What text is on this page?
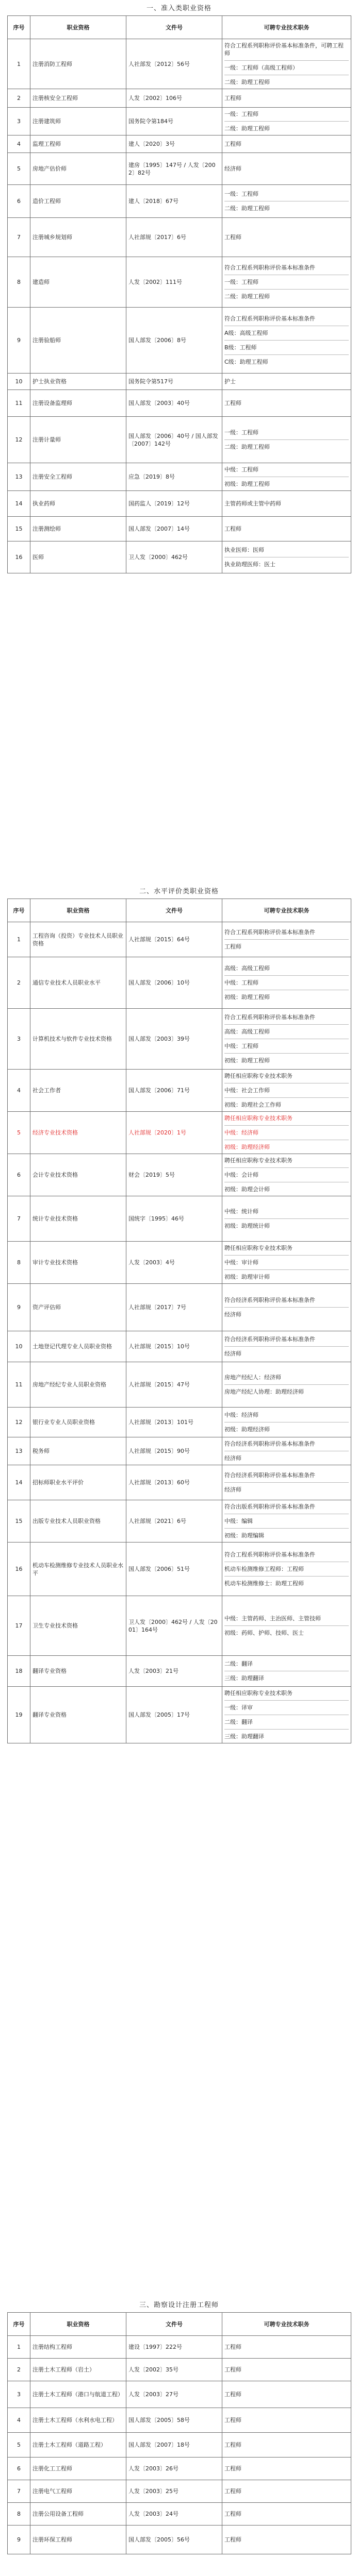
一、准入类职业资格
序号	职业资格	文件号	可聘专业技术职务
1	注册消防工程师	人社部发〔2012〕56号	符合工程系列职称评价基本标准条件，可聘工程师
一级：工程师（高级工程师）
二级：助理工程师

2	注册核安全工程师	人发〔2002〕106号	工程师

3	注册建筑师	国务院令第184号	一级：工程师
二级：助理工程师

4	监理工程师	建人〔2020〕3号	工程师

5	房地产估价师	建房〔1995〕147号 / 人发〔2002〕82号	经济师

6	造价工程师	建人〔2018〕67号	一级：工程师
二级：助理工程师

7	注册城乡规划师	人社部规〔2017〕6号	工程师

8	建造师	人发〔2002〕111号	符合工程系列职称评价基本标准条件
一级：工程师
二级：助理工程师

9	注册验船师	国人部发〔2006〕8号	符合工程系列职称评价基本标准条件
A级：高级工程师
B级：工程师
C级：助理工程师

10	护士执业资格	国务院令第517号	护士

11	注册设备监理师	国人部发〔2003〕40号	工程师

12	注册计量师	国人部发〔2006〕40号 / 国人部发〔2007〕142号	一级：工程师
二级：助理工程师

13	注册安全工程师	应急〔2019〕8号	中级：工程师
初级：助理工程师

14	执业药师	国药监人〔2019〕12号	主管药师或主管中药师

15	注册测绘师	国人部发〔2007〕14号	工程师

16	医师	卫人发〔2000〕462号	执业医师：医师
执业助理医师：医士
二、水平评价类职业资格
序号	职业资格	文件号	可聘专业技术职务
1	工程咨询（投资）专业技术人员职业资格	人社部规〔2015〕64号	符合工程系列职称评价基本标准条件
工程师

2	通信专业技术人员职业水平	国人部发〔2006〕10号	高级：高级工程师
中级：工程师
初级：助理工程师

3	计算机技术与软件专业技术资格	国人部发〔2003〕39号	符合工程系列职称评价基本标准条件
高级：高级工程师
中级：工程师
初级：助理工程师

4	社会工作者	国人部发〔2006〕71号	聘任相应职称专业技术职务
中级：社会工作师
初级：助理社会工作师

5	经济专业技术资格	人社部规〔2020〕1号	聘任相应职称专业技术职务
中级：经济师
初级：助理经济师

6	会计专业技术资格	财会〔2019〕5号	聘任相应职称专业技术职务
中级：会计师
初级：助理会计师

7	统计专业技术资格	国统字〔1995〕46号	中级：统计师
初级：助理统计师

8	审计专业技术资格	人发〔2003〕4号	聘任相应职称专业技术职务
中级：审计师
初级：助理审计师

9	资产评估师	人社部规〔2017〕7号	符合经济系列职称评价基本标准条件
经济师

10	土地登记代理专业人员职业资格	人社部规〔2015〕10号	符合经济系列职称评价基本标准条件
经济师

11	房地产经纪专业人员职业资格	人社部规〔2015〕47号	房地产经纪人：经济师
房地产经纪人协理：助理经济师

12	银行业专业人员职业资格	人社部规〔2013〕101号	中级：经济师
初级：助理经济师

13	税务师	人社部规〔2015〕90号	符合经济系列职称评价基本标准条件
经济师

14	招标师职业水平评价	人社部规〔2013〕60号	符合经济系列职称评价基本标准条件
经济师

15	出版专业技术人员职业资格	人社部规〔2021〕6号	符合出版系列职称评价基本标准条件
中级：编辑
初级：助理编辑

16	机动车检测维修专业技术人员职业水平	国人部发〔2006〕51号	符合工程系列职称评价基本标准条件
机动车检测维修工程师：工程师
机动车检测维修士：助理工程师

17	卫生专业技术资格	卫人发〔2000〕462号 / 人发〔2001〕164号	中级：主管药师、主治医师、主管技师
初级：药师、护师、技师、医士

18	翻译专业资格	人发〔2003〕21号	二级：翻译
三级：助理翻译

19	翻译专业资格	国人部发〔2005〕17号	聘任相应职称专业技术职务
一级：译审
二级：翻译
三级：助理翻译
三、勘察设计注册工程师
序号	职业资格	文件号	可聘专业技术职务
1	注册结构工程师	建设〔1997〕222号	工程师

2	注册土木工程师（岩土）	人发〔2002〕35号	工程师

3	注册土木工程师（港口与航道工程）	人发〔2003〕27号	工程师

4	注册土木工程师（水利水电工程）	国人部发〔2005〕58号	工程师

5	注册土木工程师（道路工程）	国人部发〔2007〕18号	工程师

6	注册化工工程师	人发〔2003〕26号	工程师

7	注册电气工程师	人发〔2003〕25号	工程师

8	注册公用设备工程师	人发〔2003〕24号	工程师

9	注册环保工程师	国人部发〔2005〕56号	工程师
